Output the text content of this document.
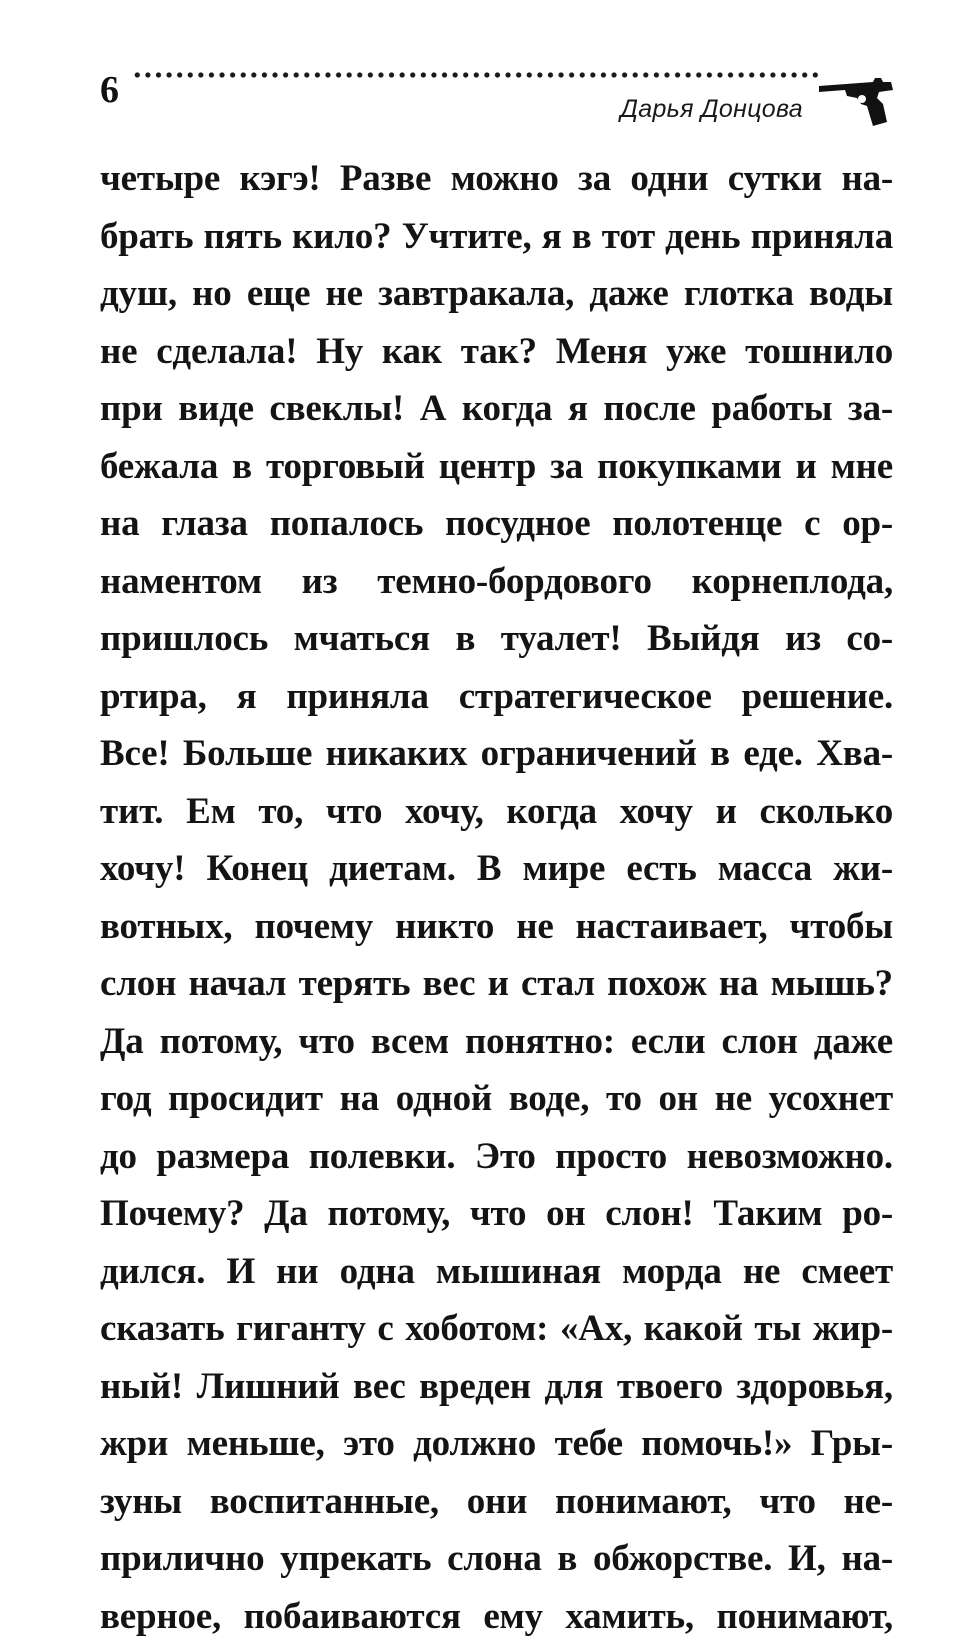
6	Дарья Донцова
четыре кэгэ! Разве можно за одни сутки на-
брать пять кило? Учтите, я в тот день приняла
душ, но еще не завтракала, даже глотка воды
не сделала! Ну как так? Меня уже тошнило
при виде свеклы! А когда я после работы за-
бежала в торговый центр за покупками и мне
на глаза попалось посудное полотенце с ор-
наментом из темно-бордового корнеплода,
пришлось мчаться в туалет! Выйдя из со-
ртира, я приняла стратегическое решение.
Все! Больше никаких ограничений в еде. Хва-
тит. Ем то, что хочу, когда хочу и сколько
хочу! Конец диетам. В мире есть масса жи-
вотных, почему никто не настаивает, чтобы
слон начал терять вес и стал похож на мышь?
Да потому, что всем понятно: если слон даже
год просидит на одной воде, то он не усохнет
до размера полевки. Это просто невозможно.
Почему? Да потому, что он слон! Таким ро-
дился. И ни одна мышиная морда не смеет
сказать гиганту с хоботом: «Ах, какой ты жир-
ный! Лишний вес вреден для твоего здоровья,
жри меньше, это должно тебе помочь!» Гры-
зуны воспитанные, они понимают, что не-
прилично упрекать слона в обжорстве. И, на-
верное, побаиваются ему хамить, понимают,
